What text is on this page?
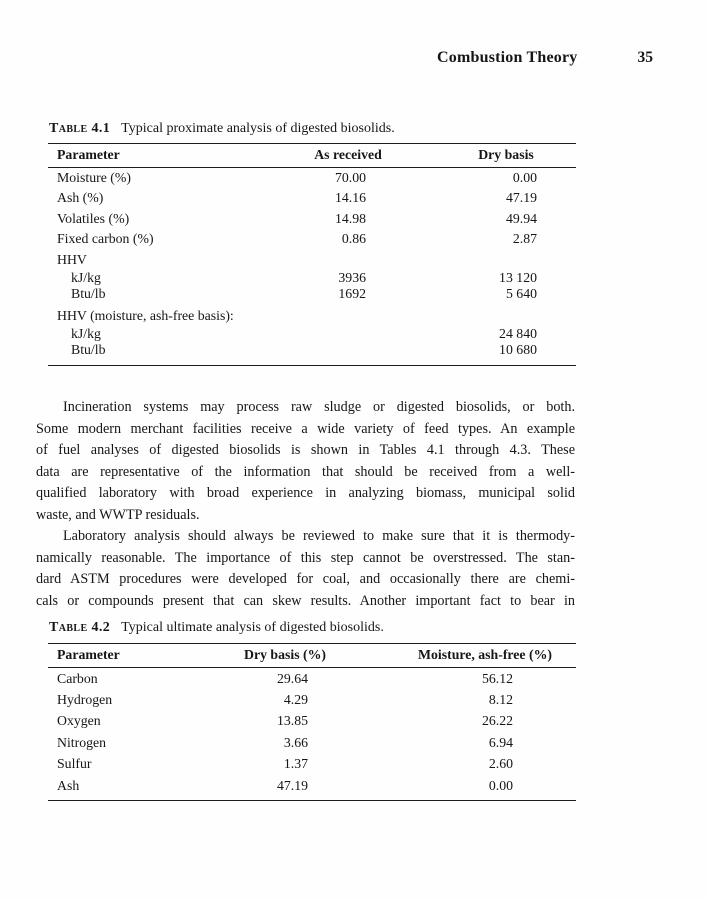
Combustion Theory	35
Table 4.1 Typical proximate analysis of digested biosolids.
Parameter	As received	Dry basis
Moisture (%)	70.00	0.00
Ash (%)	14.16	47.19
Volatiles (%)	14.98	49.94
Fixed carbon (%)	0.86	2.87
HHV		
kJ/kg	3936	13 120
Btu/lb	1692	5 640
HHV (moisture, ash-free basis):		
kJ/kg		24 840
Btu/lb		10 680
Incineration systems may process raw sludge or digested biosolids, or both.
Some modern merchant facilities receive a wide variety of feed types. An example
of fuel analyses of digested biosolids is shown in Tables 4.1 through 4.3. These
data are representative of the information that should be received from a well-
qualified laboratory with broad experience in analyzing biomass, municipal solid
waste, and WWTP residuals.
Laboratory analysis should always be reviewed to make sure that it is thermody-
namically reasonable. The importance of this step cannot be overstressed. The stan-
dard ASTM procedures were developed for coal, and occasionally there are chemi-
cals or compounds present that can skew results. Another important fact to bear in
Table 4.2 Typical ultimate analysis of digested biosolids.
Parameter	Dry basis (%)	Moisture, ash-free (%)
Carbon	29.64	56.12
Hydrogen	4.29	8.12
Oxygen	13.85	26.22
Nitrogen	3.66	6.94
Sulfur	1.37	2.60
Ash	47.19	0.00
